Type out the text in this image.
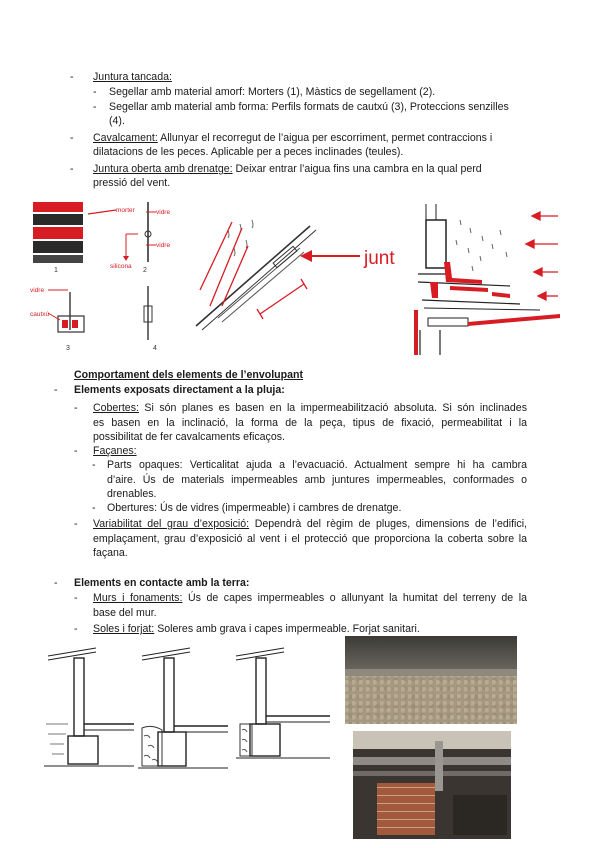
- Juntura tancada:
- Segellar amb material amorf: Morters (1), Màstics de segellament (2).
- Segellar amb material amb forma: Perfils formats de cautxú (3), Proteccions senzilles
(4).
- Cavalcament: Allunyar el recorregut de l’aigua per escorriment, permet contraccions i
dilatacions de les peces. Aplicable per a peces inclinades (teules).
- Juntura oberta amb drenatge: Deixar entrar l’aigua fins una cambra en la qual perd
pressió del vent.
morter
1
vidre
vidre
silicona
2
vidre
cautxú
3	4
junt
Comportament dels elements de l’envolupant
- Elements exposats directament a la pluja:
- Cobertes: Si són planes es basen en la impermeabilització absoluta. Si són inclinades
es basen en la inclinació, la forma de la peça, tipus de fixació, permeabilitat i la
possibilitat de fer cavalcaments eficaços.
- Façanes:
- Parts opaques: Verticalitat ajuda a l’evacuació. Actualment sempre hi ha cambra
d’aire. Ús de materials impermeables amb juntures impermeables, conformades o
drenables.
- Obertures: Ús de vidres (impermeable) i cambres de drenatge.
- Variabilitat del grau d’exposició: Dependrà del règim de pluges, dimensions de l’edifici,
emplaçament, grau d’exposició al vent i el protecció que proporciona la coberta sobre la
façana.
- Elements en contacte amb la terra:
- Murs i fonaments: Ús de capes impermeables o allunyant la humitat del terreny de la
base del mur.
- Soles i forjat: Soleres amb grava i capes impermeable. Forjat sanitari.
